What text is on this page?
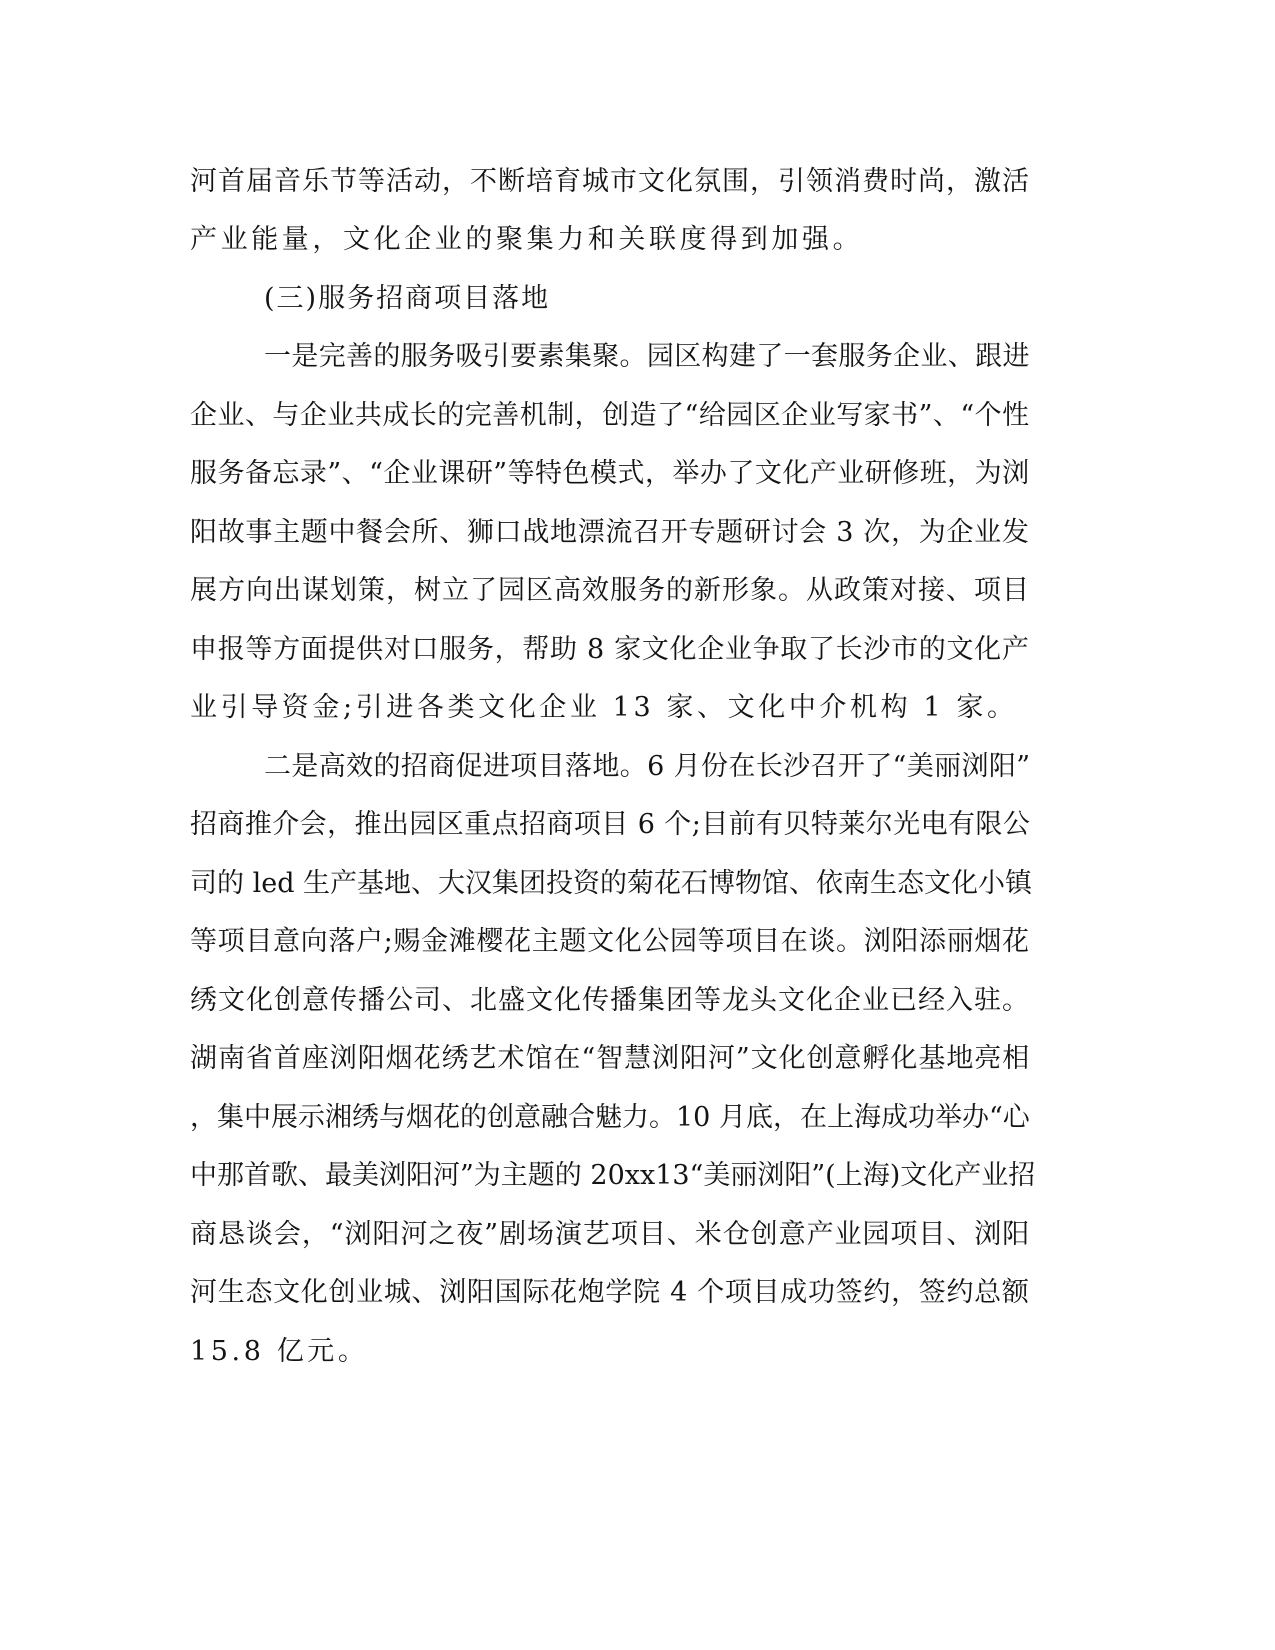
河首届音乐节等活动，不断培育城市文化氛围，引领消费时尚，激活
产业能量，文化企业的聚集力和关联度得到加强。
(三)服务招商项目落地
一是完善的服务吸引要素集聚。园区构建了一套服务企业、跟进
企业、与企业共成长的完善机制，创造了“给园区企业写家书”、“个性
服务备忘录”、“企业课研”等特色模式，举办了文化产业研修班，为浏
阳故事主题中餐会所、狮口战地漂流召开专题研讨会 3 次，为企业发
展方向出谋划策，树立了园区高效服务的新形象。从政策对接、项目
申报等方面提供对口服务，帮助 8 家文化企业争取了长沙市的文化产
业引导资金;引进各类文化企业 13 家、文化中介机构 1 家。
二是高效的招商促进项目落地。6 月份在长沙召开了“美丽浏阳”
招商推介会，推出园区重点招商项目 6 个;目前有贝特莱尔光电有限公
司的 led 生产基地、大汉集团投资的菊花石博物馆、依南生态文化小镇
等项目意向落户;赐金滩樱花主题文化公园等项目在谈。浏阳添丽烟花
绣文化创意传播公司、北盛文化传播集团等龙头文化企业已经入驻。
湖南省首座浏阳烟花绣艺术馆在“智慧浏阳河”文化创意孵化基地亮相
，集中展示湘绣与烟花的创意融合魅力。10 月底，在上海成功举办“心
中那首歌、最美浏阳河”为主题的 20xx13“美丽浏阳”(上海)文化产业招
商恳谈会，“浏阳河之夜”剧场演艺项目、米仓创意产业园项目、浏阳
河生态文化创业城、浏阳国际花炮学院 4 个项目成功签约，签约总额
15.8 亿元。
